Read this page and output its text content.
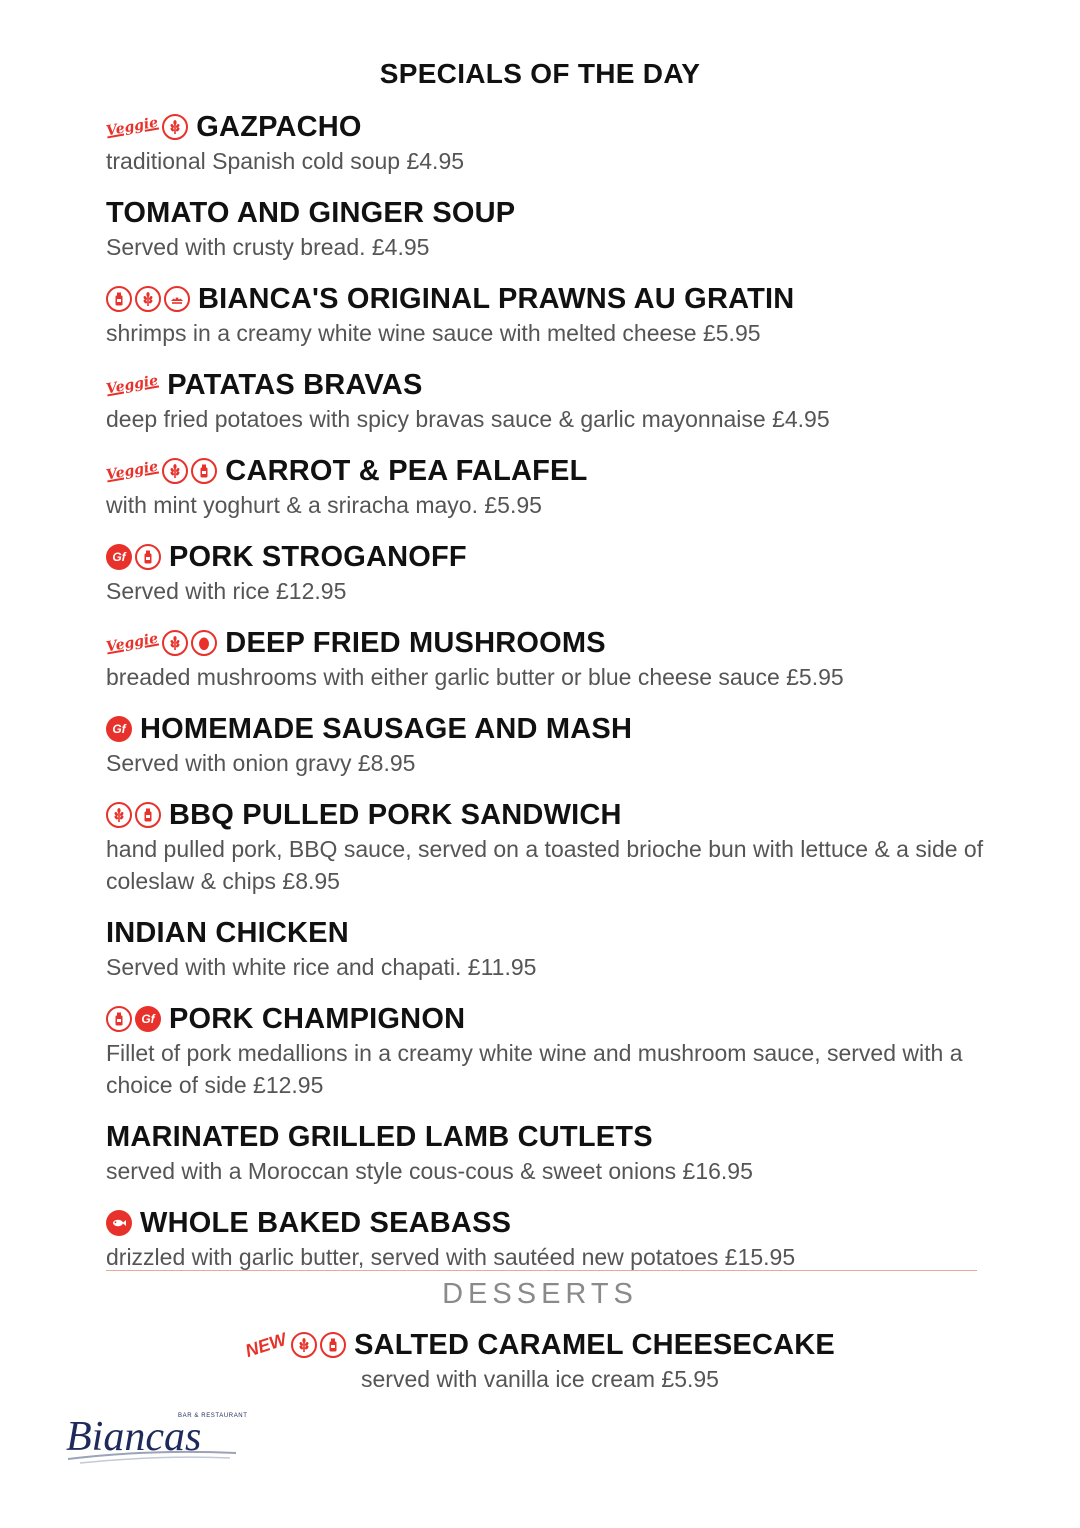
SPECIALS OF THE DAY
Veggie GAZPACHO
traditional Spanish cold soup £4.95
TOMATO AND GINGER SOUP
Served with crusty bread. £4.95
BIANCA'S ORIGINAL PRAWNS AU GRATIN
shrimps in a creamy white wine sauce with melted cheese £5.95
Veggie PATATAS BRAVAS
deep fried potatoes with spicy bravas sauce & garlic mayonnaise £4.95
Veggie CARROT & PEA FALAFEL
with mint yoghurt & a sriracha mayo. £5.95
Gf PORK STROGANOFF
Served with rice £12.95
Veggie DEEP FRIED MUSHROOMS
breaded mushrooms with either garlic butter or blue cheese sauce £5.95
Gf HOMEMADE SAUSAGE AND MASH
Served with onion gravy £8.95
BBQ PULLED PORK SANDWICH
hand pulled pork, BBQ sauce, served on a toasted brioche bun with lettuce & a side of coleslaw & chips £8.95
INDIAN CHICKEN
Served with white rice and chapati. £11.95
Gf PORK CHAMPIGNON
Fillet of pork medallions in a creamy white wine and mushroom sauce, served with a choice of side £12.95
MARINATED GRILLED LAMB CUTLETS
served with a Moroccan style cous-cous & sweet onions £16.95
WHOLE BAKED SEABASS
drizzled with garlic butter, served with sautéed new potatoes £15.95
DESSERTS
NEW SALTED CARAMEL CHEESECAKE
served with vanilla ice cream £5.95
BAR & RESTAURANT
Biancas
